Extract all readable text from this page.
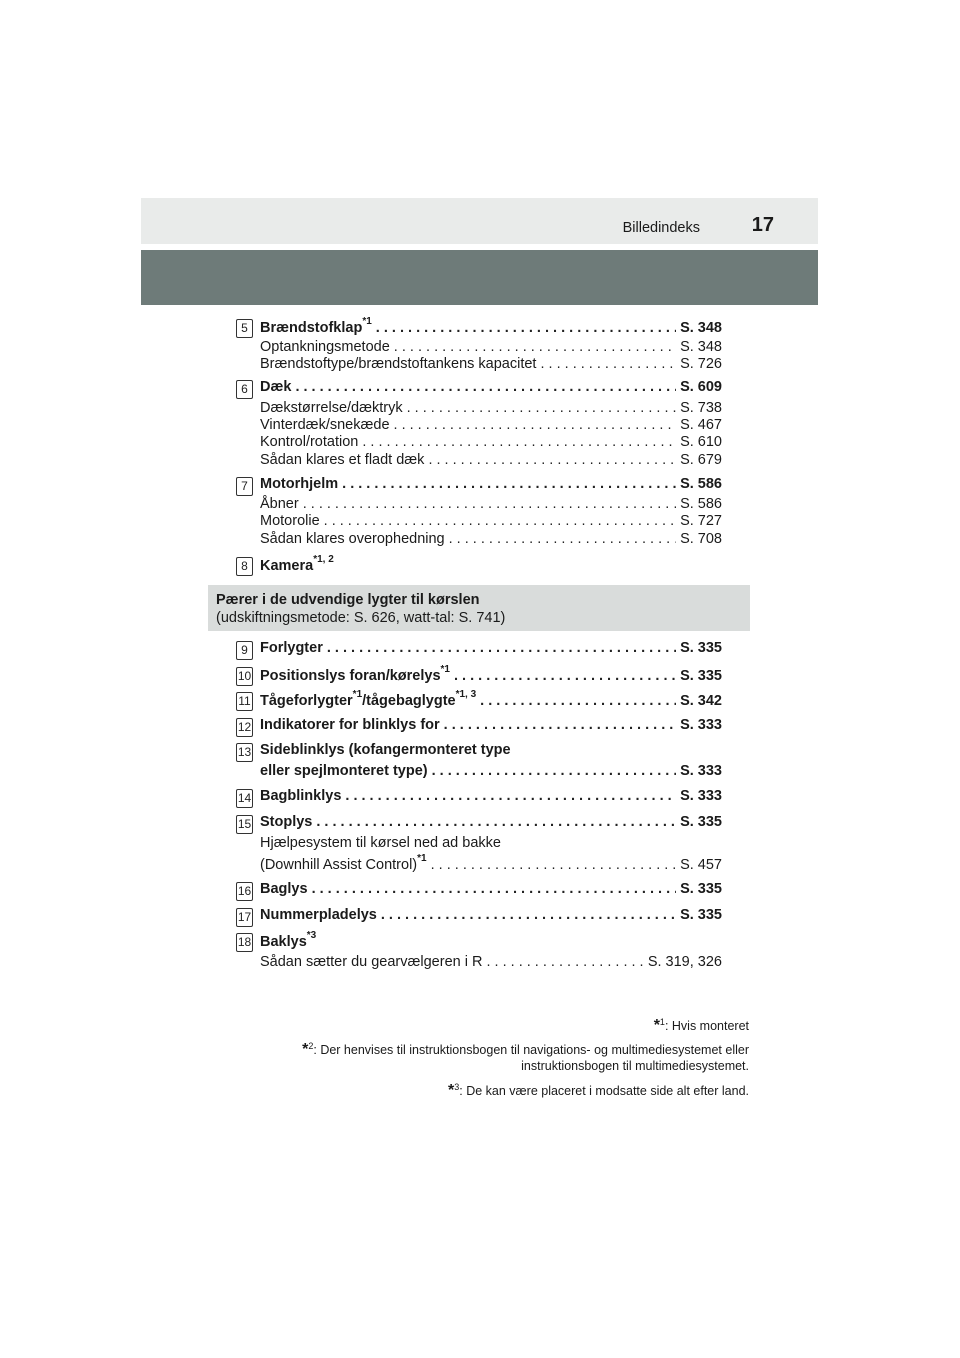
Billedindeks	17
5 Brændstofklap$^{*1}$ . . .	S. 348
Optankningsmetode . . .	S. 348
Brændstoftype/brændstoftankens kapacitet . . .	S. 726
6 Dæk . . .	S. 609
Dækstørrelse/dæktryk . . .	S. 738
Vinterdæk/snekæde . . .	S. 467
Kontrol/rotation . . .	S. 610
Sådan klares et fladt dæk . . .	S. 679
7 Motorhjelm . . .	S. 586
Åbner . . .	S. 586
Motorolie . . .	S. 727
Sådan klares overophedning . . .	S. 708
8 Kamera$^{*1, 2}$
Pærer i de udvendige lygter til kørslen
(udskiftningsmetode: S. 626, watt-tal: S. 741)
9 Forlygter . . .	S. 335
10 Positionslys foran/kørelys$^{*1}$ . . .	S. 335
11 Tågeforlygter$^{*1}$/tågebaglygte$^{*1, 3}$ . . .	S. 342
12 Indikatorer for blinklys for . . .	S. 333
13 Sideblinklys (kofangermonteret type
eller spejlmonteret type) . . .	S. 333
14 Bagblinklys . . .	S. 333
15 Stoplys . . .	S. 335
Hjælpesystem til kørsel ned ad bakke
(Downhill Assist Control)$^{*1}$ . . .	S. 457
16 Baglys . . .	S. 335
17 Nummerpladelys . . .	S. 335
18 Baklys$^{*3}$
Sådan sætter du gearvælgeren i R . . .	S. 319, 326
*$^1$: Hvis monteret
*$^2$: Der henvises til instruktionsbogen til navigations- og multimediesystemet eller
instruktionsbogen til multimediesystemet.
*$^3$: De kan være placeret i modsatte side alt efter land.
